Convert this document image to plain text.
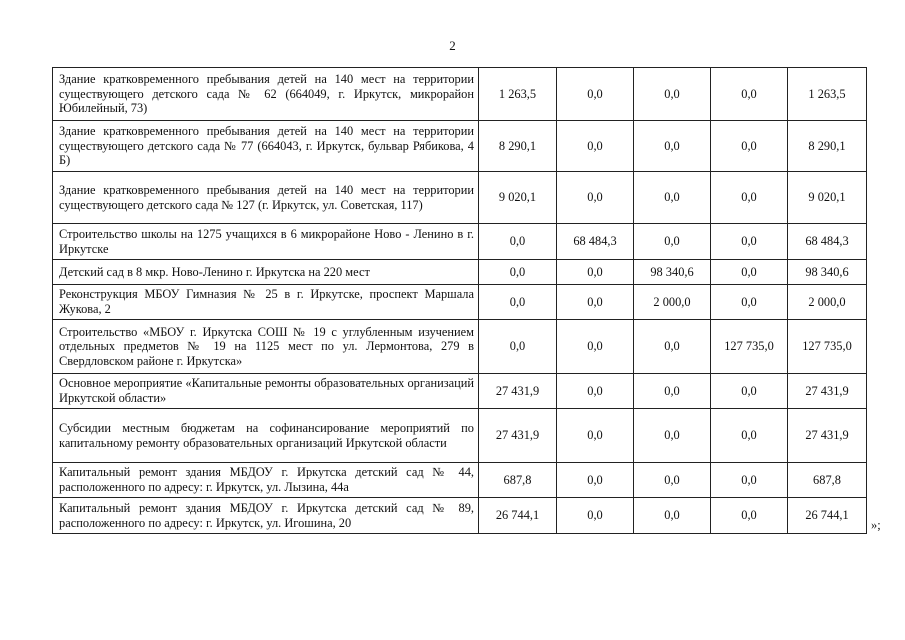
2
Здание кратковременного пребывания детей на 140 мест на территории существующего детского сада № 62 (664049, г. Иркутск, микрорайон Юбилейный, 73)	1 263,5	0,0	0,0	0,0	1 263,5
Здание кратковременного пребывания детей на 140 мест на территории существующего детского сада № 77 (664043, г. Иркутск, бульвар Рябикова, 4 Б)	8 290,1	0,0	0,0	0,0	8 290,1
Здание кратковременного пребывания детей на 140 мест на территории существующего детского сада № 127 (г. Иркутск, ул. Советская, 117)	9 020,1	0,0	0,0	0,0	9 020,1
Строительство школы на 1275 учащихся в 6 микрорайоне Ново - Ленино в г. Иркутске	0,0	68 484,3	0,0	0,0	68 484,3
Детский сад в 8 мкр. Ново-Ленино г. Иркутска на 220 мест	0,0	0,0	98 340,6	0,0	98 340,6
Реконструкция МБОУ Гимназия № 25 в г. Иркутске, проспект Маршала Жукова, 2	0,0	0,0	2 000,0	0,0	2 000,0
Строительство «МБОУ г. Иркутска СОШ № 19 с углубленным изучением отдельных предметов № 19 на 1125 мест по ул. Лермонтова, 279 в Свердловском районе г. Иркутска»	0,0	0,0	0,0	127 735,0	127 735,0
Основное мероприятие «Капитальные ремонты образовательных организаций Иркутской области»	27 431,9	0,0	0,0	0,0	27 431,9
Субсидии местным бюджетам на софинансирование мероприятий по капитальному ремонту образовательных организаций Иркутской области	27 431,9	0,0	0,0	0,0	27 431,9
Капитальный ремонт здания МБДОУ г. Иркутска детский сад № 44, расположенного по адресу: г. Иркутск, ул. Лызина, 44а	687,8	0,0	0,0	0,0	687,8
Капитальный ремонт здания МБДОУ г. Иркутска детский сад № 89, расположенного по адресу: г. Иркутск, ул. Игошина, 20	26 744,1	0,0	0,0	0,0	26 744,1
»;
